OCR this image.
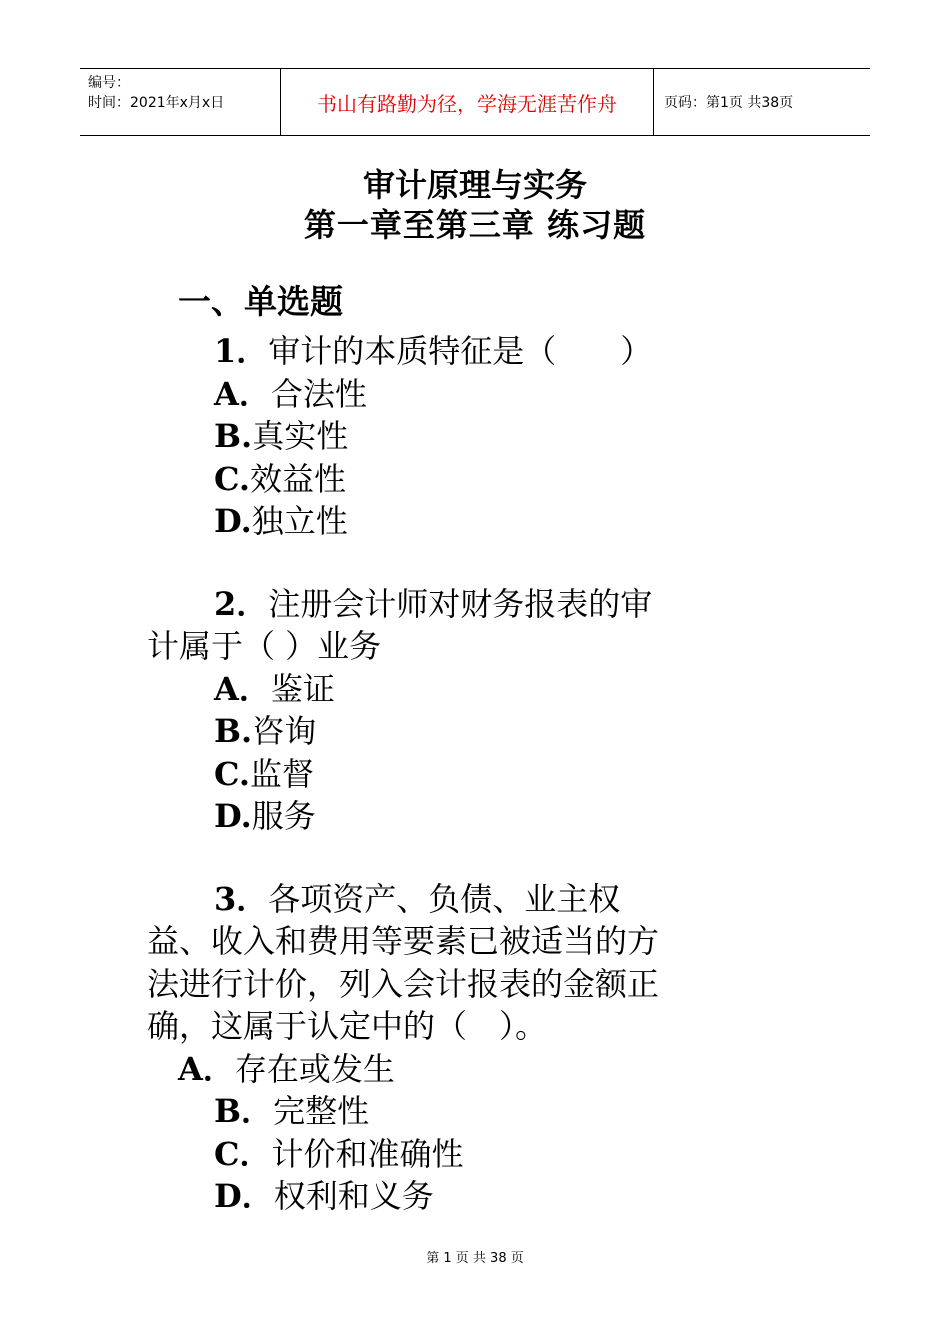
编号：
时间：2021年x月x日	书山有路勤为径，学海无涯苦作舟	页码：第1页 共38页
审计原理与实务
第一章至第三章 练习题
一、单选题
1．审计的本质特征是（　　）
A．合法性
B.真实性
C.效益性
D.独立性
2．注册会计师对财务报表的审计属于（ ）业务
A．鉴证
B.咨询
C.监督
D.服务
3．各项资产、负债、业主权益、收入和费用等要素已被适当的方法进行计价，列入会计报表的金额正确，这属于认定中的（　）。
A．存在或发生
B．完整性
C．计价和准确性
D．权利和义务
第 1 页 共 38 页
